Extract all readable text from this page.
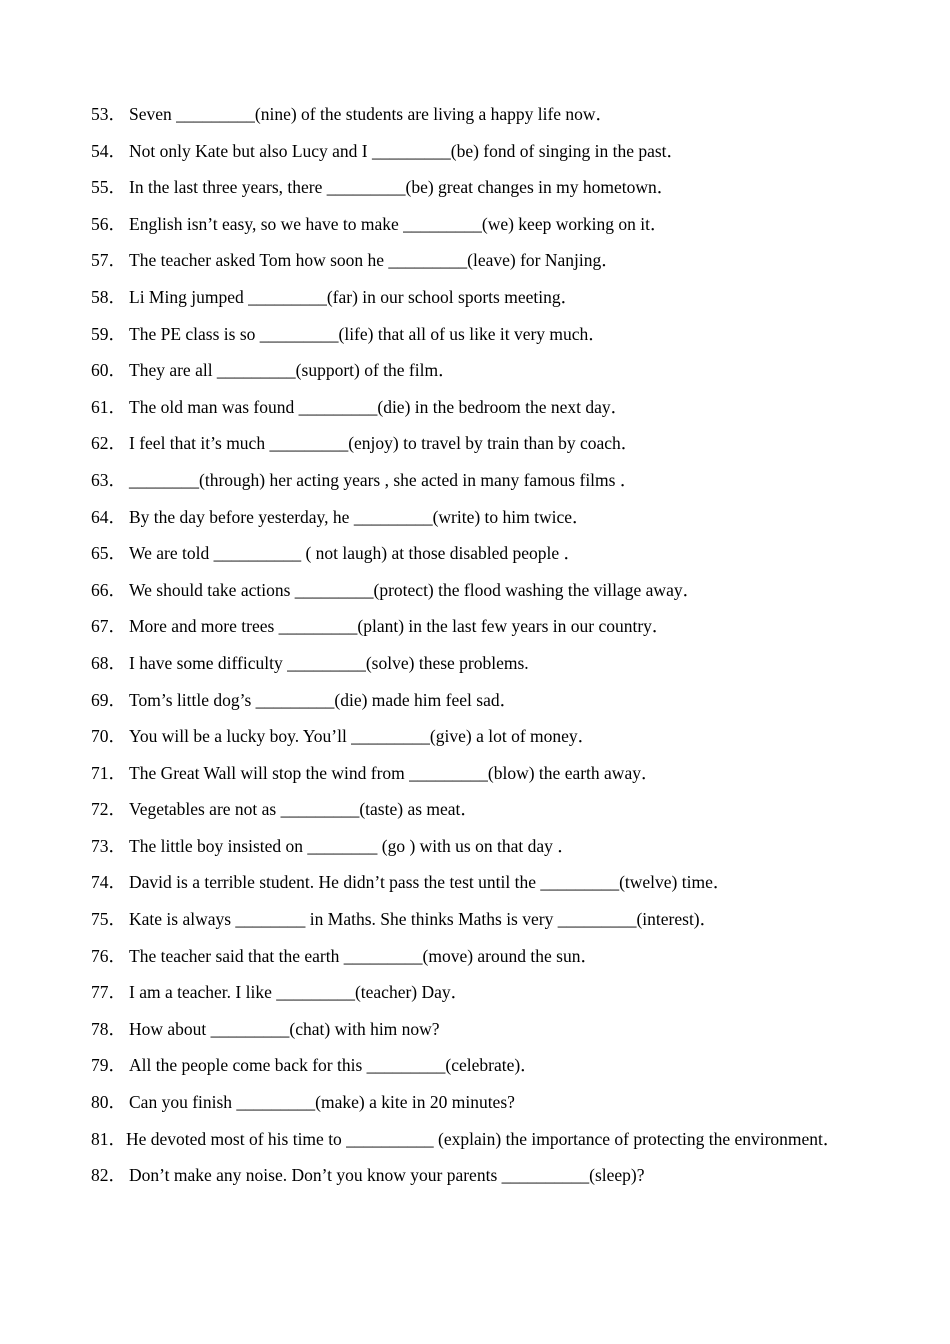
53． Seven _________(nine) of the students are living a happy life now．

54． Not only Kate but also Lucy and I _________(be) fond of singing in the past．

55． In the last three years, there _________(be) great changes in my hometown．

56． English isn’t easy, so we have to make _________(we) keep working on it．

57． The teacher asked Tom how soon he _________(leave) for Nanjing．

58． Li Ming jumped _________(far) in our school sports meeting．

59． The PE class is so _________(life) that all of us like it very much．

60． They are all _________(support) of the film．

61． The old man was found _________(die) in the bedroom the next day．

62． I feel that it’s much _________(enjoy) to travel by train than by coach．

63． ________(through) her acting years , she acted in many famous films ．

64． By the day before yesterday, he _________(write) to him twice．

65． We are told __________ ( not laugh) at those disabled people ．

66． We should take actions _________(protect) the flood washing the village away．

67． More and more trees _________(plant) in the last few years in our country．

68． I have some difficulty _________(solve) these problems.

69． Tom’s little dog’s _________(die) made him feel sad．

70． You will be a lucky boy. You’ll _________(give) a lot of money．

71． The Great Wall will stop the wind from _________(blow) the earth away．

72． Vegetables are not as _________(taste) as meat．

73． The little boy insisted on ________ (go ) with us on that day ．

74． David is a terrible student. He didn’t pass the test until the _________(twelve) time．

75． Kate is always ________ in Maths. She thinks Maths is very _________(interest)．

76． The teacher said that the earth _________(move) around the sun．

77． I am a teacher. I like _________(teacher) Day．

78． How about _________(chat) with him now?

79． All the people come back for this _________(celebrate)．

80． Can you finish _________(make) a kite in 20 minutes?

81．He devoted most of his time to __________ (explain) the importance of protecting the environment．

82． Don’t make any noise. Don’t you know your parents __________(sleep)?
